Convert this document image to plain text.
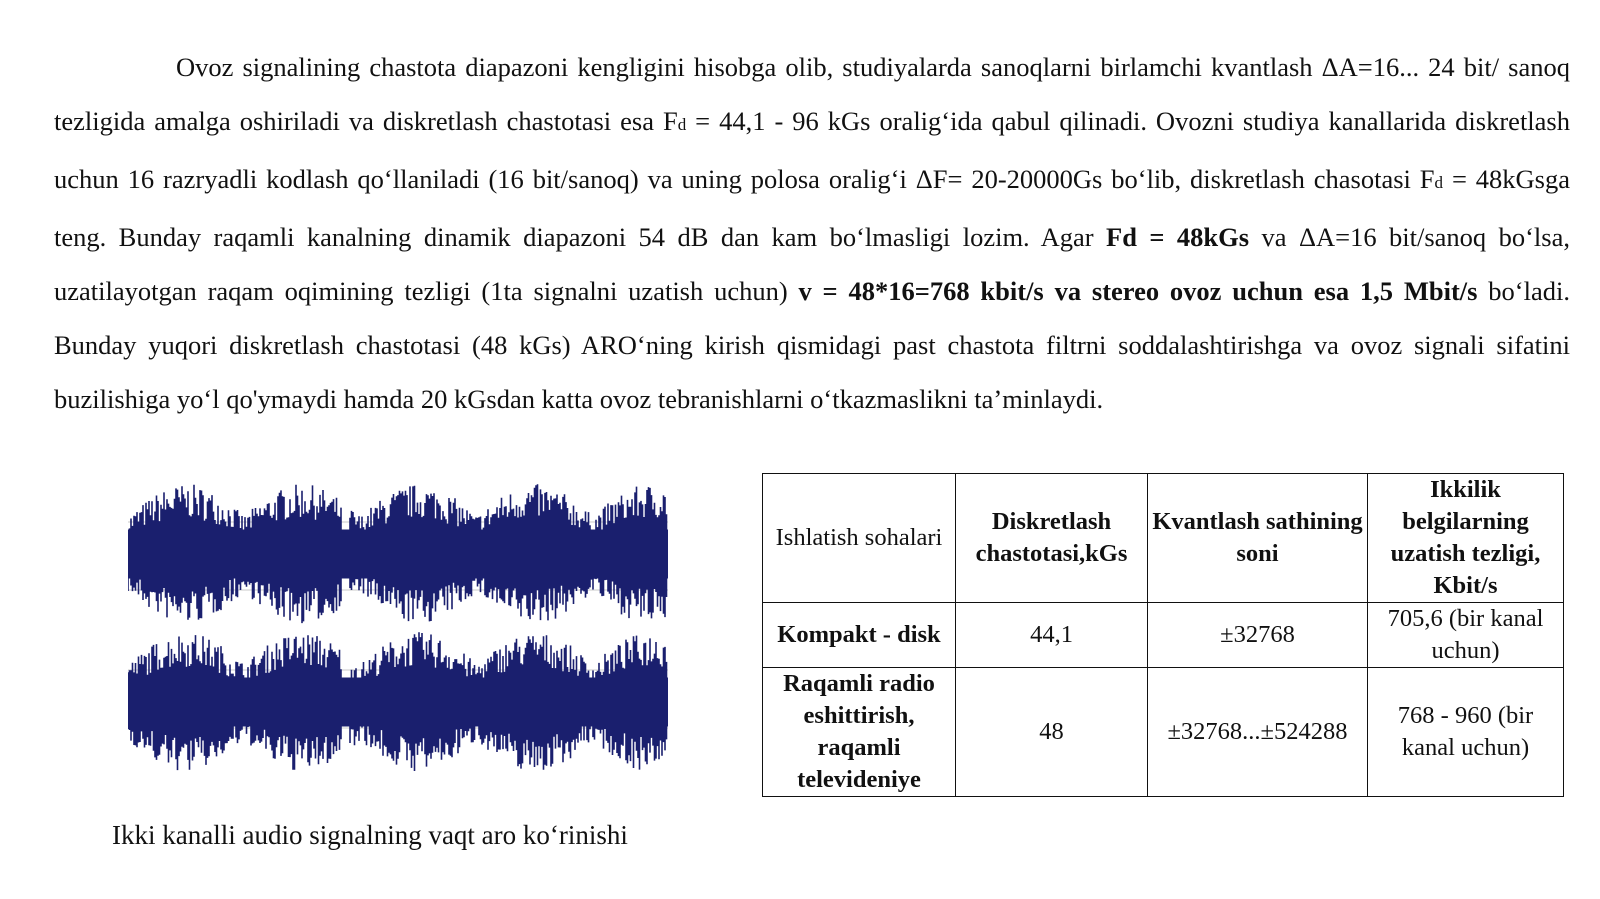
Ovoz signalining chastota diapazoni kengligini hisobga olib, studiyalarda sanoqlarni birlamchi kvantlash ΔA=16... 24 bit/ sanoq tezligida amalga oshiriladi va diskretlash chastotasi esa Fd = 44,1 - 96 kGs oralig‘ida qabul qilinadi. Ovozni studiya kanallarida diskretlash uchun 16 razryadli kodlash qo‘llaniladi (16 bit/sanoq) va uning polosa oralig‘i ΔF= 20-20000Gs bo‘lib, diskretlash chasotasi Fd = 48kGsga teng. Bunday raqamli kanalning dinamik diapazoni 54 dB dan kam bo‘lmasligi lozim. Agar Fd = 48kGs va ΔA=16 bit/sanoq bo‘lsa, uzatilayotgan raqam oqimining tezligi (1ta signalni uzatish uchun) v = 48*16=768 kbit/s va stereo ovoz uchun esa 1,5 Mbit/s bo‘ladi. Bunday yuqori diskretlash chastotasi (48 kGs) ARO‘ning kirish qismidagi past chastota filtrni soddalashtirishga va ovoz signali sifatini buzilishiga yo‘l qo'ymaydi hamda 20 kGsdan katta ovoz tebranishlarni o‘tkazmaslikni ta’minlaydi.
Ikki kanalli audio signalning vaqt aro ko‘rinishi
Ishlatish sohalari	Diskretlash chastotasi,kGs	Kvantlash sathining soni	Ikkilik belgilarning uzatish tezligi, Kbit/s
Kompakt - disk	44,1	±32768	705,6 (bir kanal uchun)
Raqamli radio eshittirish, raqamli televideniye	48	±32768...±524288	768 - 960 (bir kanal uchun)
